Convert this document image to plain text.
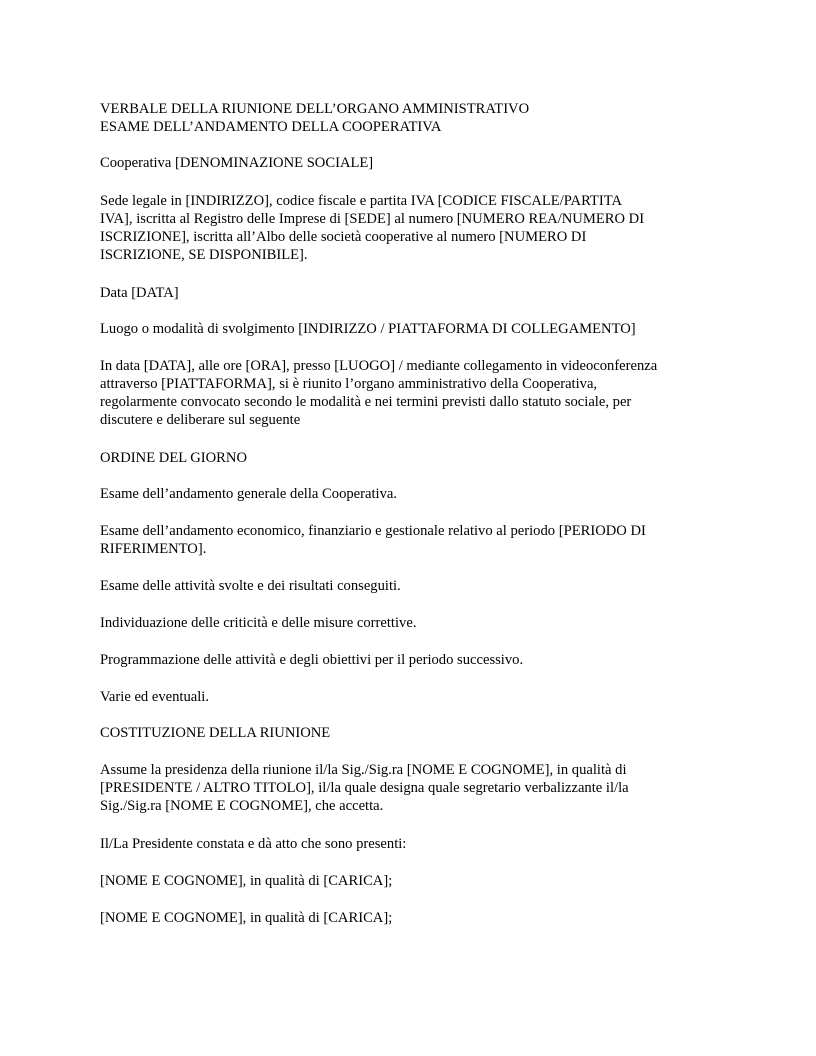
VERBALE DELLA RIUNIONE DELL’ORGANO AMMINISTRATIVO

ESAME DELL’ANDAMENTO DELLA COOPERATIVA

Cooperativa [DENOMINAZIONE SOCIALE]

Sede legale in [INDIRIZZO], codice fiscale e partita IVA [CODICE FISCALE/PARTITA

IVA], iscritta al Registro delle Imprese di [SEDE] al numero [NUMERO REA/NUMERO DI

ISCRIZIONE], iscritta all’Albo delle società cooperative al numero [NUMERO DI

ISCRIZIONE, SE DISPONIBILE].

Data [DATA]

Luogo o modalità di svolgimento [INDIRIZZO / PIATTAFORMA DI COLLEGAMENTO]

In data [DATA], alle ore [ORA], presso [LUOGO] / mediante collegamento in videoconferenza

attraverso [PIATTAFORMA], si è riunito l’organo amministrativo della Cooperativa,

regolarmente convocato secondo le modalità e nei termini previsti dallo statuto sociale, per

discutere e deliberare sul seguente

ORDINE DEL GIORNO

Esame dell’andamento generale della Cooperativa.

Esame dell’andamento economico, finanziario e gestionale relativo al periodo [PERIODO DI

RIFERIMENTO].

Esame delle attività svolte e dei risultati conseguiti.

Individuazione delle criticità e delle misure correttive.

Programmazione delle attività e degli obiettivi per il periodo successivo.

Varie ed eventuali.

COSTITUZIONE DELLA RIUNIONE

Assume la presidenza della riunione il/la Sig./Sig.ra [NOME E COGNOME], in qualità di

[PRESIDENTE / ALTRO TITOLO], il/la quale designa quale segretario verbalizzante il/la

Sig./Sig.ra [NOME E COGNOME], che accetta.

Il/La Presidente constata e dà atto che sono presenti:

[NOME E COGNOME], in qualità di [CARICA];

[NOME E COGNOME], in qualità di [CARICA];
